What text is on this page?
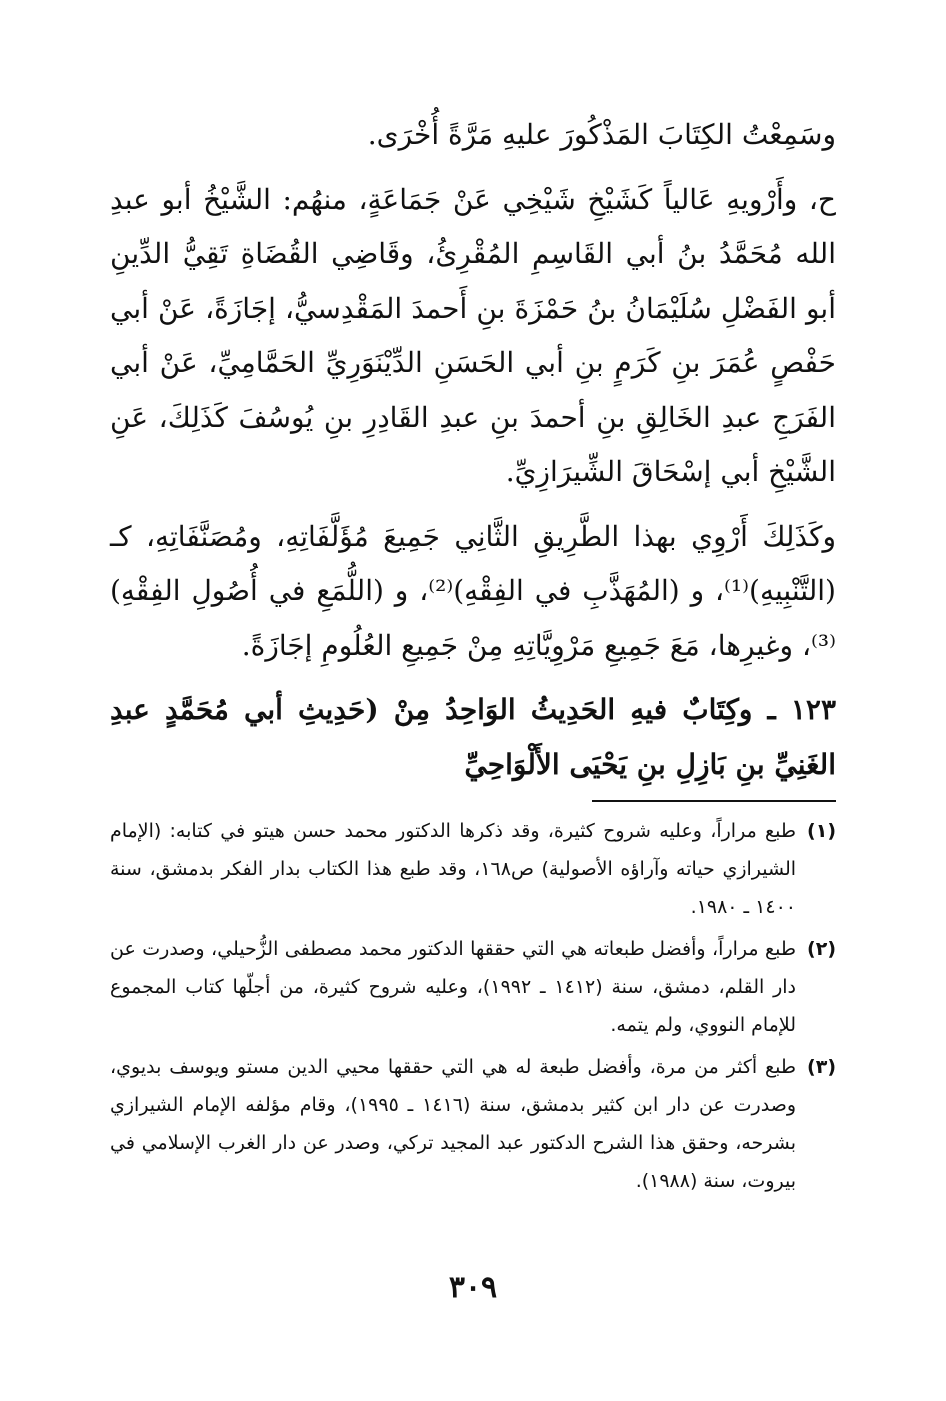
وسَمِعْتُ الكِتَابَ المَذْكُورَ عليهِ مَرَّةً أُخْرَى.

ح، وأَرْويهِ عَالياً كَشَيْخِ شَيْخِي عَنْ جَمَاعَةٍ، منهُم: الشَّيْخُ أبو عبدِ الله مُحَمَّدُ بنُ أبي القَاسِمِ المُقْرِئُ، وقَاضِي القُضَاةِ تَقِيُّ الدِّينِ أبو الفَضْلِ سُلَيْمَانُ بنُ حَمْزَةَ بنِ أَحمدَ المَقْدِسيُّ، إجَازَةً، عَنْ أبي حَفْصٍ عُمَرَ بنِ كَرَمٍ بنِ أبي الحَسَنِ الدِّيْنَوَرِيِّ الحَمَّامِيِّ، عَنْ أبي الفَرَجِ عبدِ الخَالِقِ بنِ أحمدَ بنِ عبدِ القَادِرِ بنِ يُوسُفَ كَذَلِكَ، عَنِ الشَّيْخِ أبي إسْحَاقَ الشِّيرَازِيِّ.

وكَذَلِكَ أَرْوِي بهذا الطَّرِيقِ الثَّانِي جَمِيعَ مُؤَلَّفَاتِهِ، ومُصَنَّفَاتِهِ، كـ (التَّنْبِيهِ)⁽¹⁾، و (المُهَذَّبِ في الفِقْهِ)⁽²⁾، و (اللُّمَعِ في أُصُولِ الفِقْهِ)⁽³⁾، وغيرِها، مَعَ جَمِيعِ مَرْوِيَّاتِهِ مِنْ جَمِيعِ العُلُومِ إجَازَةً.

١٢٣ ـ وكِتَابٌ فيهِ الحَدِيثُ الوَاحِدُ مِنْ (حَدِيثِ أبي مُحَمَّدٍ عبدِ الغَنِيِّ بنِ بَازِلِ بنِ يَحْيَى الأَلْوَاحِيِّ

(١)
طبع مراراً، وعليه شروح كثيرة، وقد ذكرها الدكتور محمد حسن هيتو في كتابه: (الإمام الشيرازي حياته وآراؤه الأصولية) ص١٦٨، وقد طبع هذا الكتاب بدار الفكر بدمشق، سنة ١٤٠٠ ـ ١٩٨٠.
(٢)
طبع مراراً، وأفضل طبعاته هي التي حققها الدكتور محمد مصطفى الزُّحيلي، وصدرت عن دار القلم، دمشق، سنة (١٤١٢ ـ ١٩٩٢)، وعليه شروح كثيرة، من أجلّها كتاب المجموع للإمام النووي، ولم يتمه.
(٣)
طبع أكثر من مرة، وأفضل طبعة له هي التي حققها محيي الدين مستو ويوسف بديوي، وصدرت عن دار ابن كثير بدمشق، سنة (١٤١٦ ـ ١٩٩٥)، وقام مؤلفه الإمام الشيرازي بشرحه، وحقق هذا الشرح الدكتور عبد المجيد تركي، وصدر عن دار الغرب الإسلامي في بيروت، سنة (١٩٨٨).
٣٠٩
